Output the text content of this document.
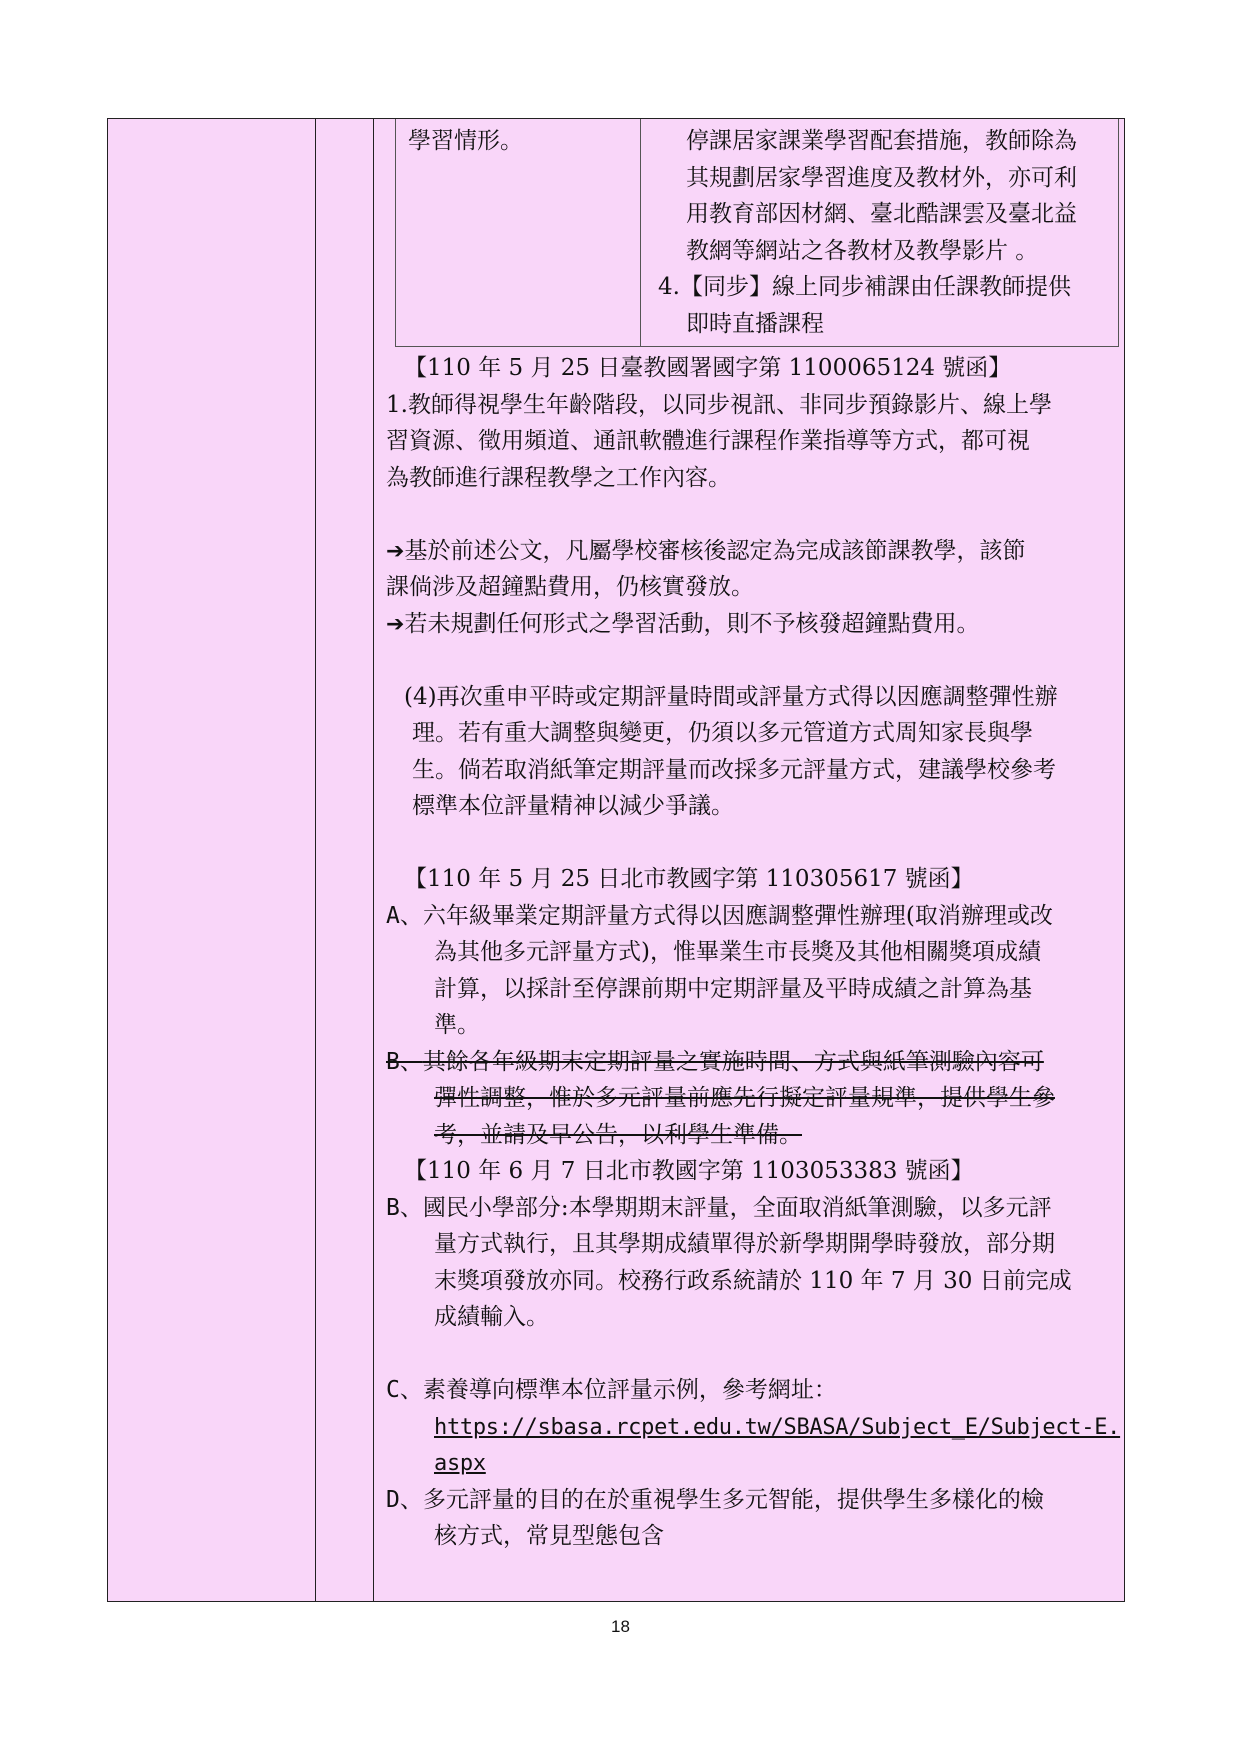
學習情形。	停課居家課業學習配套措施，教師除為
其規劃居家學習進度及教材外，亦可利
用教育部因材網、臺北酷課雲及臺北益
教網等網站之各教材及教學影片 。
4.【同步】線上同步補課由任課教師提供
即時直播課程
【110 年 5 月 25 日臺教國署國字第 1100065124 號函】
1.教師得視學生年齡階段，以同步視訊、非同步預錄影片、線上學
習資源、徵用頻道、通訊軟體進行課程作業指導等方式，都可視
為教師進行課程教學之工作內容。
➔基於前述公文，凡屬學校審核後認定為完成該節課教學，該節
課倘涉及超鐘點費用，仍核實發放。
➔若未規劃任何形式之學習活動，則不予核發超鐘點費用。
(4)再次重申平時或定期評量時間或評量方式得以因應調整彈性辦
理。若有重大調整與變更，仍須以多元管道方式周知家長與學
生。倘若取消紙筆定期評量而改採多元評量方式，建議學校參考
標準本位評量精神以減少爭議。
【110 年 5 月 25 日北市教國字第 110305617 號函】
A、六年級畢業定期評量方式得以因應調整彈性辦理(取消辦理或改
為其他多元評量方式)，惟畢業生市長獎及其他相關獎項成績
計算，以採計至停課前期中定期評量及平時成績之計算為基
準。
B、其餘各年級期末定期評量之實施時間、方式與紙筆測驗內容可
彈性調整，惟於多元評量前應先行擬定評量規準，提供學生參
考，並請及早公告，以利學生準備。
【110 年 6 月 7 日北市教國字第 1103053383 號函】
B、國民小學部分:本學期期末評量，全面取消紙筆測驗，以多元評
量方式執行，且其學期成績單得於新學期開學時發放，部分期
末獎項發放亦同。校務行政系統請於 110 年 7 月 30 日前完成
成績輸入。
C、素養導向標準本位評量示例，參考網址：
https://sbasa.rcpet.edu.tw/SBASA/Subject_E/Subject-E.
aspx
D、多元評量的目的在於重視學生多元智能，提供學生多樣化的檢
核方式，常見型態包含
18
